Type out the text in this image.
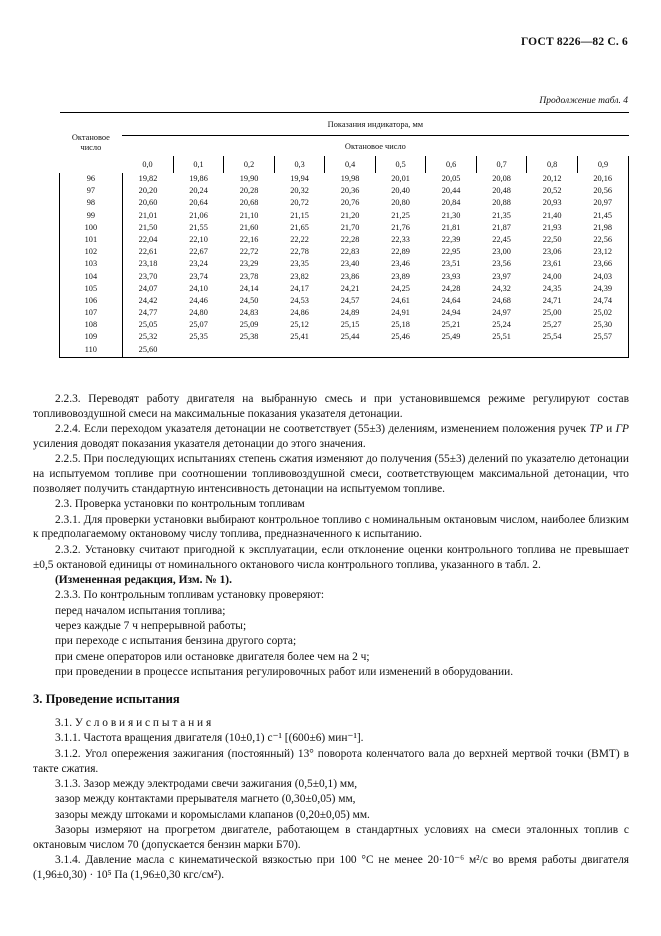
ГОСТ 8226—82 С. 6
Продолжение табл. 4
Октановое
число	Показания индикатора, мм									
	Октановое число									
	0,0	0,1	0,2	0,3	0,4	0,5	0,6	0,7	0,8	0,9
96	19,82	19,86	19,90	19,94	19,98	20,01	20,05	20,08	20,12	20,16
97	20,20	20,24	20,28	20,32	20,36	20,40	20,44	20,48	20,52	20,56
98	20,60	20,64	20,68	20,72	20,76	20,80	20,84	20,88	20,93	20,97
99	21,01	21,06	21,10	21,15	21,20	21,25	21,30	21,35	21,40	21,45
100	21,50	21,55	21,60	21,65	21,70	21,76	21,81	21,87	21,93	21,98
101	22,04	22,10	22,16	22,22	22,28	22,33	22,39	22,45	22,50	22,56
102	22,61	22,67	22,72	22,78	22,83	22,89	22,95	23,00	23,06	23,12
103	23,18	23,24	23,29	23,35	23,40	23,46	23,51	23,56	23,61	23,66
104	23,70	23,74	23,78	23,82	23,86	23,89	23,93	23,97	24,00	24,03
105	24,07	24,10	24,14	24,17	24,21	24,25	24,28	24,32	24,35	24,39
106	24,42	24,46	24,50	24,53	24,57	24,61	24,64	24,68	24,71	24,74
107	24,77	24,80	24,83	24,86	24,89	24,91	24,94	24,97	25,00	25,02
108	25,05	25,07	25,09	25,12	25,15	25,18	25,21	25,24	25,27	25,30
109	25,32	25,35	25,38	25,41	25,44	25,46	25,49	25,51	25,54	25,57
110	25,60									

2.2.3. Переводят работу двигателя на выбранную смесь и при установившемся режиме регулируют состав топливовоздушной смеси на максимальные показания указателя детонации.

2.2.4. Если переходом указателя детонации не соответствует (55±3) делениям, изменением положения ручек ТР и ГР усиления доводят показания указателя детонации до этого значения.

2.2.5. При последующих испытаниях степень сжатия изменяют до получения (55±3) делений по указателю детонации на испытуемом топливе при соотношении топливовоздушной смеси, соответствующем максимальной детонации, что позволяет получить стандартную интенсивность детонации на испытуемом топливе.

2.3. Проверка установки по контрольным топливам

2.3.1. Для проверки установки выбирают контрольное топливо с номинальным октановым числом, наиболее близким к предполагаемому октановому числу топлива, предназначенного к испытанию.

2.3.2. Установку считают пригодной к эксплуатации, если отклонение оценки контрольного топлива не превышает ±0,5 октановой единицы от номинального октанового числа контрольного топлива, указанного в табл. 2.

(Измененная редакция, Изм. № 1).

2.3.3. По контрольным топливам установку проверяют:

перед началом испытания топлива;

через каждые 7 ч непрерывной работы;

при переходе с испытания бензина другого сорта;

при смене операторов или остановке двигателя более чем на 2 ч;

при проведении в процессе испытания регулировочных работ или изменений в оборудовании.

3. Проведение испытания

3.1. У с л о в и я и с п ы т а н и я

3.1.1. Частота вращения двигателя (10±0,1) с⁻¹ [(600±6) мин⁻¹].

3.1.2. Угол опережения зажигания (постоянный) 13° поворота коленчатого вала до верхней мертвой точки (ВМТ) в такте сжатия.

3.1.3. Зазор между электродами свечи зажигания (0,5±0,1) мм,

зазор между контактами прерывателя магнето (0,30±0,05) мм,

зазоры между штоками и коромыслами клапанов (0,20±0,05) мм.

Зазоры измеряют на прогретом двигателе, работающем в стандартных условиях на смеси эталонных топлив с октановым числом 70 (допускается бензин марки Б70).

3.1.4. Давление масла с кинематической вязкостью при 100 °С не менее 20·10⁻⁶ м²/с во время работы двигателя (1,96±0,30) · 10⁵ Па (1,96±0,30 кгс/см²).
